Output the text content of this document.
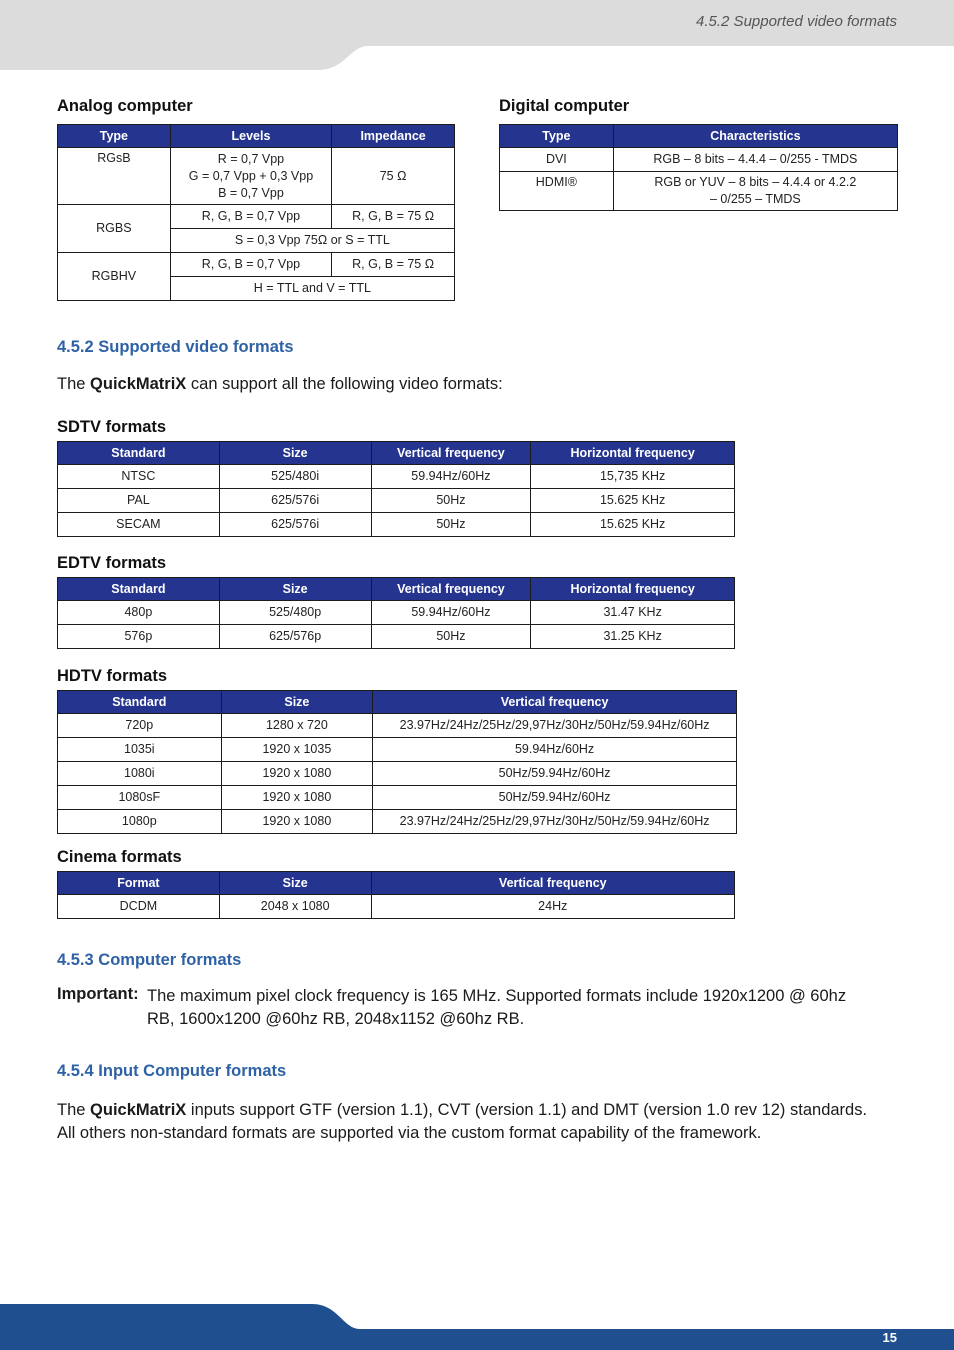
4.5.2 Supported video formats
Analog computer
Type	Levels	Impedance
RGsB	R = 0,7 Vpp
G = 0,7 Vpp + 0,3 Vpp
B = 0,7 Vpp	75 Ω
RGBS	R, G, B = 0,7 Vpp	R, G, B = 75 Ω
	S = 0,3 Vpp 75Ω or S = TTL	
RGBHV	R, G, B = 0,7 Vpp	R, G, B = 75 Ω
	H = TTL and V = TTL	
Digital computer
Type	Characteristics
DVI	RGB – 8 bits – 4.4.4 – 0/255 - TMDS
HDMI®	RGB or YUV – 8 bits – 4.4.4 or 4.2.2
– 0/255 – TMDS
4.5.2 Supported video formats

The QuickMatriX can support all the following video formats:

SDTV formats
Standard	Size	Vertical frequency	Horizontal frequency
NTSC	525/480i	59.94Hz/60Hz	15,735 KHz
PAL	625/576i	50Hz	15.625 KHz
SECAM	625/576i	50Hz	15.625 KHz
EDTV formats
Standard	Size	Vertical frequency	Horizontal frequency
480p	525/480p	59.94Hz/60Hz	31.47 KHz
576p	625/576p	50Hz	31.25 KHz
HDTV formats
Standard	Size	Vertical frequency
720p	1280 x 720	23.97Hz/24Hz/25Hz/29,97Hz/30Hz/50Hz/59.94Hz/60Hz
1035i	1920 x 1035	59.94Hz/60Hz
1080i	1920 x 1080	50Hz/59.94Hz/60Hz
1080sF	1920 x 1080	50Hz/59.94Hz/60Hz
1080p	1920 x 1080	23.97Hz/24Hz/25Hz/29,97Hz/30Hz/50Hz/59.94Hz/60Hz
Cinema formats
Format	Size	Vertical frequency
DCDM	2048 x 1080	24Hz
4.5.3 Computer formats
Important: The maximum pixel clock frequency is 165 MHz. Supported formats include 1920x1200 @ 60hz
RB, 1600x1200 @60hz RB, 2048x1152 @60hz RB.
4.5.4 Input Computer formats

The QuickMatriX inputs support GTF (version 1.1), CVT (version 1.1) and DMT (version 1.0 rev 12) standards.
All others non-standard formats are supported via the custom format capability of the framework.

15
